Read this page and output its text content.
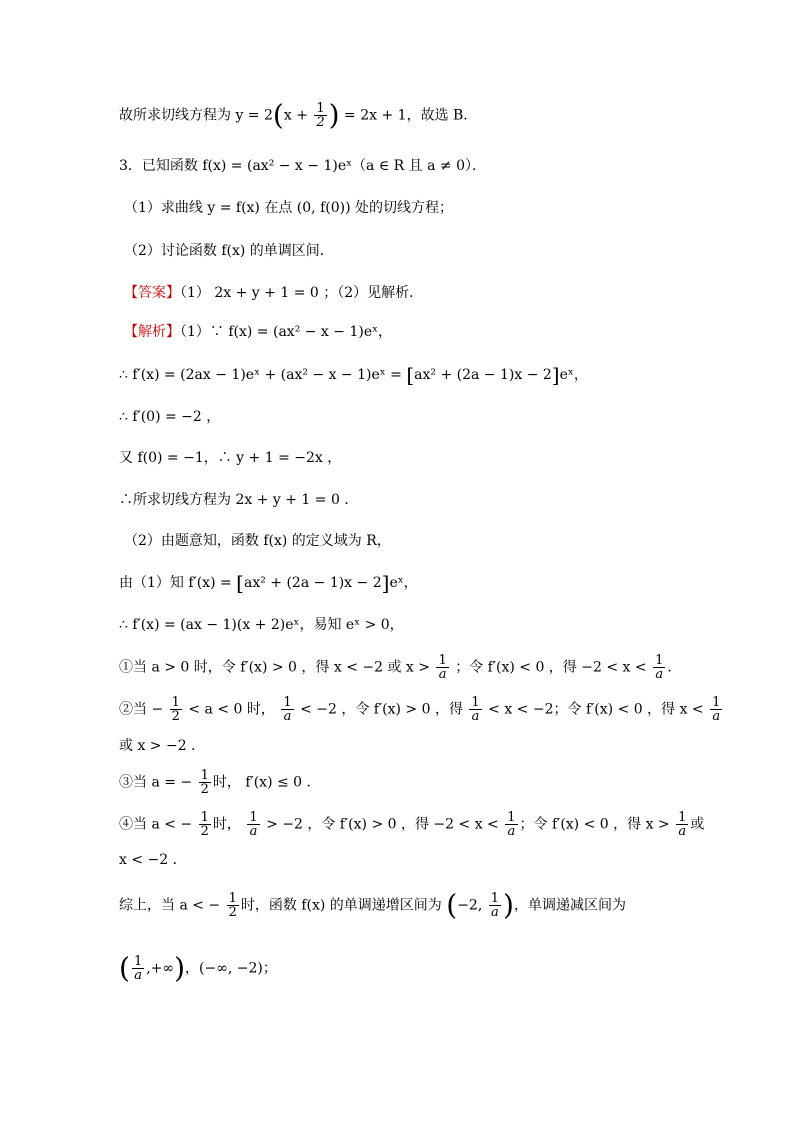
故所求切线方程为 $y = 2(x + \frac{1}{2}$ ) = 2x + 1，故选 B．
3．已知函数 f(x) = (ax² − x − 1)eˣ（a ∈ R 且 a ≠ 0）．
（1）求曲线 y = f(x) 在点 (0, f(0)) 处的切线方程；
（2）讨论函数 f(x) 的单调区间．
【答案】（1） 2x + y + 1 = 0 ；（2）见解析．
【解析】（1）∵ f(x) = (ax² − x − 1)eˣ，
∴ f′(x) = (2ax − 1)eˣ + (ax² − x − 1)eˣ = [ax² + (2a − 1)x − 2]eˣ，
∴ f′(0) = −2 ，
又 f(0) = −1，∴ y + 1 = −2x ，
∴所求切线方程为 2x + y + 1 = 0 ．
（2）由题意知，函数 f(x) 的定义域为 R，
由（1）知 f′(x) = [ax² + (2a − 1)x − 2]eˣ，
∴ f′(x) = (ax − 1)(x + 2)eˣ，易知 eˣ > 0，
①当 a > 0 时，令 f′(x) > 0 ，得 x < −2 或 $x > \frac{1}{a}$ ；令 f′(x) < 0 ，得 $-2 < x < \frac{1}{a}$ ．
②当 − $\frac{1}{2} < a < 0$ 时， $\frac{1}{a} < -2$ ，令 f′(x) > 0 ，得 $\frac{1}{a} < x < -2$；令 f′(x) < 0 ，得 $x < \frac{1}{a}$
或 x > −2 ．
③当 a = − $\frac{1}{2}$ 时， f′(x) ≤ 0 ．
④当 a < − $\frac{1}{2}$ 时， $\frac{1}{a} > -2$ ，令 f′(x) > 0 ，得 $-2 < x < \frac{1}{a}$ ；令 f′(x) < 0 ，得 $x > \frac{1}{a}$ 或
x < −2 ．
综上，当 a < − $\frac{1}{2}$ 时，函数 f(x) 的单调递增区间为 (−2, $\frac{1}{a}$ )，单调递减区间为
( $\frac{1}{a}$ ,+∞)，(−∞, −2)；
